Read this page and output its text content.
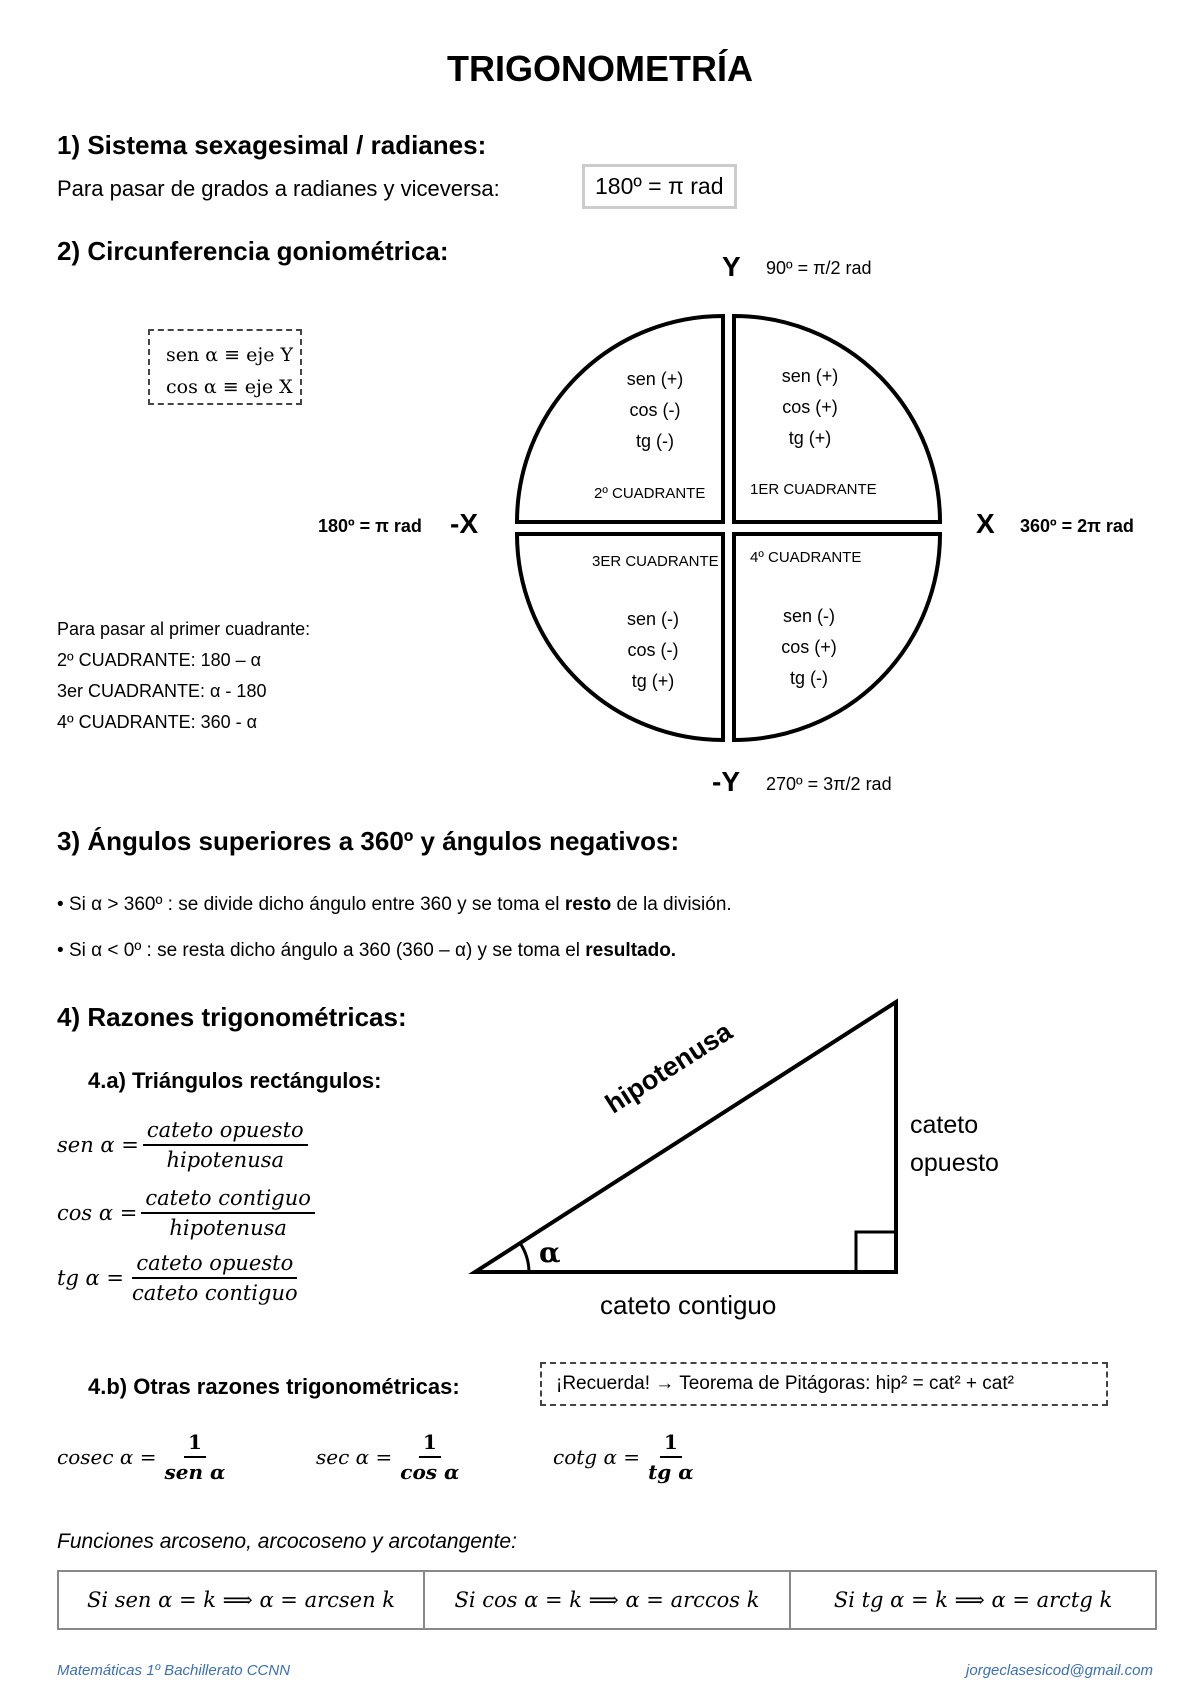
TRIGONOMETRÍA
1) Sistema sexagesimal / radianes:
Para pasar de grados a radianes y viceversa:	180º = π rad
2) Circunferencia goniométrica:
sen α ≡ eje Y
cos α ≡ eje X
Y 90º = π/2 rad
-Y 270º = 3π/2 rad
-X
180º = π rad	X 360º = 2π rad
sen (+)
cos (-)
tg (-)
2º CUADRANTE
sen (+)
cos (+)
tg (+)
1ER CUADRANTE
3ER CUADRANTE
sen (-)
cos (-)
tg (+)
4º CUADRANTE
sen (-)
cos (+)
tg (-)
Para pasar al primer cuadrante:
2º CUADRANTE: 180 – α
3er CUADRANTE: α - 180
4º CUADRANTE: 360 - α
3) Ángulos superiores a 360º y ángulos negativos:
• Si α > 360º : se divide dicho ángulo entre 360 y se toma el resto de la división.
• Si α < 0º : se resta dicho ángulo a 360 (360 – α) y se toma el resultado.
4) Razones trigonométricas:
4.a) Triángulos rectángulos:
sen $\alpha = \frac{\text{cateto opuesto}}{\text{hipotenusa}}$
$\cos \alpha = \frac{\text{cateto contiguo}}{\text{hipotenusa}}$
tg $\alpha = \frac{\text{cateto opuesto}}{\text{cateto contiguo}}$
hipotenusa
cateto
opuesto
cateto contiguo
α
4.b) Otras razones trigonométricas:	¡Recuerda! → Teorema de Pitágoras: hip² = cat² + cat²
cosec $\alpha = \frac{1}{\text{sen α}}$	$\sec \alpha = \frac{1}{\text{cos α}}$	cotg $\alpha = \frac{1}{\text{tg α}}$
Funciones arcoseno, arcocoseno y arcotangente:
Si sen α = k ⟹ α = arcsen k	Si cos α = k ⟹ α = arccos k	Si tg α = k ⟹ α = arctg k
Matemáticas 1º Bachillerato CCNN	jorgeclasesicod@gmail.com
